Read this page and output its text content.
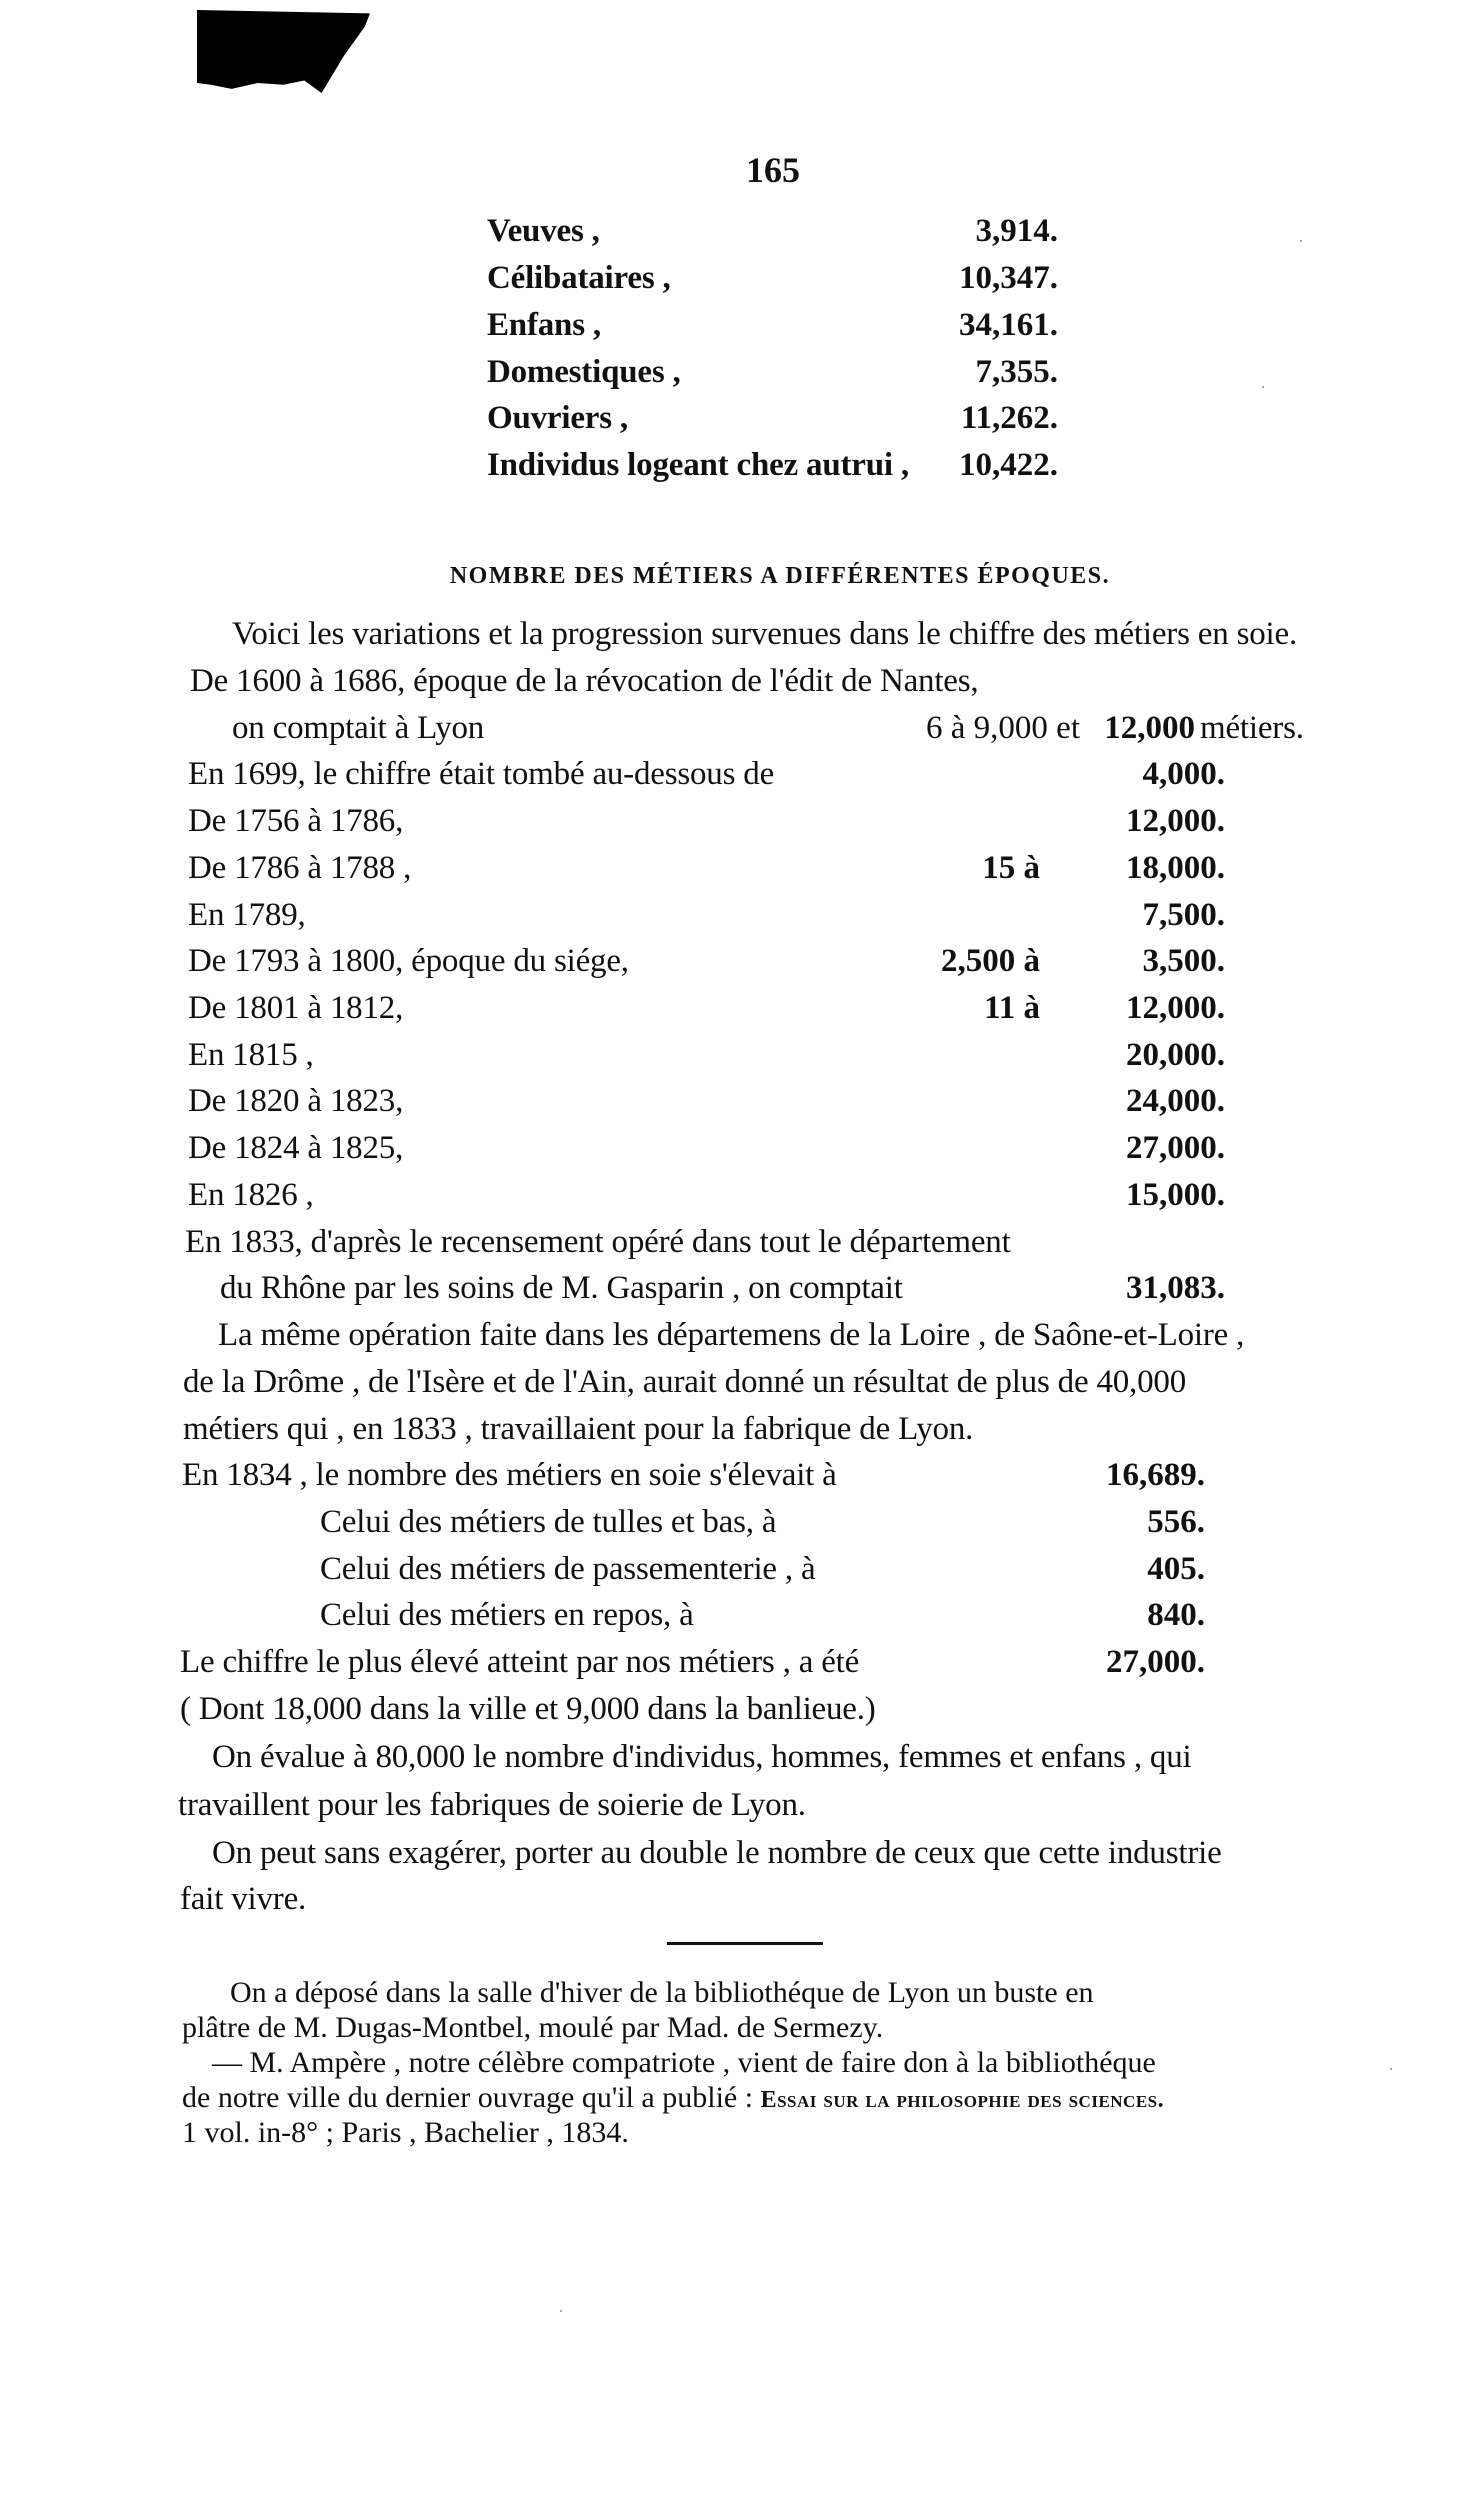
165
Veuves ,	3,914.
Célibataires ,	10,347.
Enfans ,	34,161.
Domestiques ,	7,355.
Ouvriers ,	11,262.
Individus logeant chez autrui ,	10,422.
NOMBRE DES MÉTIERS A DIFFÉRENTES ÉPOQUES.
Voici les variations et la progression survenues dans le chiffre des métiers en soie.
De 1600 à 1686, époque de la révocation de l'édit de Nantes,
on comptait à Lyon	6 à 9,000 et 12,000 métiers.
En 1699, le chiffre était tombé au-dessous de	4,000.
De 1756 à 1786,	12,000.
De 1786 à 1788 ,	15 à	18,000.
En 1789,	7,500.
De 1793 à 1800, époque du siége,	2,500 à	3,500.
De 1801 à 1812,	11 à	12,000.
En 1815 ,	20,000.
De 1820 à 1823,	24,000.
De 1824 à 1825,	27,000.
En 1826 ,	15,000.
En 1833, d'après le recensement opéré dans tout le département
du Rhône par les soins de M. Gasparin , on comptait	31,083.
La même opération faite dans les départemens de la Loire , de Saône-et-Loire ,
de la Drôme , de l'Isère et de l'Ain, aurait donné un résultat de plus de 40,000
métiers qui , en 1833 , travaillaient pour la fabrique de Lyon.
En 1834 , le nombre des métiers en soie s'élevait à	16,689.
Celui des métiers de tulles et bas, à	556.
Celui des métiers de passementerie , à	405.
Celui des métiers en repos, à	840.
Le chiffre le plus élevé atteint par nos métiers , a été	27,000.
( Dont 18,000 dans la ville et 9,000 dans la banlieue.)
On évalue à 80,000 le nombre d'individus, hommes, femmes et enfans , qui
travaillent pour les fabriques de soierie de Lyon.
On peut sans exagérer, porter au double le nombre de ceux que cette industrie
fait vivre.
On a déposé dans la salle d'hiver de la bibliothéque de Lyon un buste en
plâtre de M. Dugas-Montbel, moulé par Mad. de Sermezy.
— M. Ampère , notre célèbre compatriote , vient de faire don à la bibliothéque
de notre ville du dernier ouvrage qu'il a publié : Essai sur la philosophie des sciences.
1 vol. in-8° ; Paris , Bachelier , 1834.
